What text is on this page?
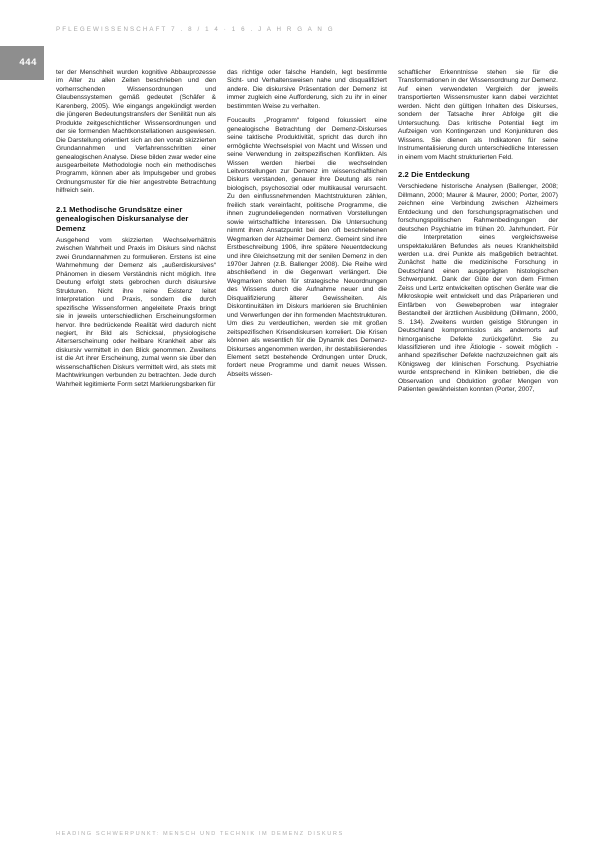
PFLEGEWISSENSCHAFT 7 . 8 / 1 4 · 1 6 . J A H R G A N G
444

ter der Menschheit wurden kognitive Abbauprozesse im Alter zu allen Zeiten beschrieben und den vorherrschenden Wissensordnungen und Glaubenssystemen gemäß gedeutet (Schäfer & Karenberg, 2005). Wie eingangs angekündigt werden die jüngeren Bedeutungstransfers der Senilität nun als Produkte zeitgeschichtlicher Wissensordnungen und der sie formenden Machtkonstellationen ausgewiesen. Die Darstellung orientiert sich an den vorab skizzierten Grundannahmen und Verfahrensschritten einer genealogischen Analyse. Diese bilden zwar weder eine ausgearbeitete Methodologie noch ein methodisches Programm, können aber als Impulsgeber und grobes Ordnungsmuster für die hier angestrebte Betrachtung hilfreich sein.

2.1 Methodische Grundsätze einer genealogischen Diskursanalyse der Demenz

Ausgehend vom skizzierten Wechselverhältnis zwischen Wahrheit und Praxis im Diskurs sind nächst zwei Grundannahmen zu formulieren. Erstens ist eine Wahrnehmung der Demenz als „außerdiskursives“ Phänomen in diesem Verständnis nicht möglich. Ihre Deutung erfolgt stets gebrochen durch diskursive Strukturen. Nicht ihre reine Existenz leitet Interpretation und Praxis, sondern die durch spezifische Wissensformen angeleitete Praxis bringt sie in jeweils unterschiedlichen Erscheinungsformen hervor. Ihre bedrückende Realität wird dadurch nicht negiert, ihr Bild als Schicksal, physiologische Alterserscheinung oder heilbare Krankheit aber als diskursiv vermittelt in den Blick genommen. Zweitens ist die Art ihrer Erscheinung, zumal wenn sie über den wissenschaftlichen Diskurs vermittelt wird, als stets mit Machtwirkungen verbunden zu betrachten. Jede durch Wahrheit legitimierte Form setzt Markierungsbarken für

das richtige oder falsche Handeln, legt bestimmte Sicht- und Verhaltensweisen nahe und disqualifiziert andere. Die diskursive Präsentation der Demenz ist immer zugleich eine Aufforderung, sich zu ihr in einer bestimmten Weise zu verhalten.

Foucaults „Programm“ folgend fokussiert eine genealogische Betrachtung der Demenz-Diskurses seine taktische Produktivität, spricht das durch ihn ermöglichte Wechselspiel von Macht und Wissen und seine Verwendung in zeitspezifischen Konflikten. Als Wissen werden hierbei die wechselnden Leitvorstellungen zur Demenz im wissenschaftlichen Diskurs verstanden, genauer ihre Deutung als rein biologisch, psychosozial oder multikausal verursacht. Zu den einflussnehmenden Machtstrukturen zählen, freilich stark vereinfacht, politische Programme, die ihnen zugrundeliegenden normativen Vorstellungen sowie wirtschaftliche Interessen. Die Untersuchung nimmt ihren Ansatzpunkt bei den oft beschriebenen Wegmarken der Alzheimer Demenz. Gemeint sind ihre Erstbeschreibung 1906, ihre spätere Neuentdeckung und ihre Gleichsetzung mit der senilen Demenz in den 1970er Jahren (z.B. Ballenger 2008). Die Reihe wird abschließend in die Gegenwart verlängert. Die Wegmarken stehen für strategische Neuordnungen des Wissens durch die Aufnahme neuer und die Disqualifizierung älterer Gewissheiten. Als Diskontinuitäten im Diskurs markieren sie Bruchlinien und Verwerfungen der ihn formenden Machtstrukturen. Um dies zu verdeutlichen, werden sie mit großen zeitspezifischen Krisendiskursen korreliert. Die Krisen können als wesentlich für die Dynamik des Demenz-Diskurses angenommen werden, ihr destabilisierendes Element setzt bestehende Ordnungen unter Druck, fordert neue Programme und damit neues Wissen. Abseits wissen-

schaftlicher Erkenntnisse stehen sie für die Transformationen in der Wissensordnung zur Demenz. Auf einen verwendeten Vergleich der jeweils transportierten Wissensmuster kann dabei verzichtet werden. Nicht den gültigen Inhalten des Diskurses, sondern der Tatsache ihrer Abfolge gilt die Untersuchung. Das kritische Potential liegt im Aufzeigen von Kontingenzen und Konjunkturen des Wissens. Sie dienen als Indikatoren für seine Instrumentalisierung durch unterschiedliche Interessen in einem vom Macht strukturierten Feld.

2.2 Die Entdeckung

Verschiedene historische Analysen (Ballenger, 2008; Dillmann, 2000; Maurer & Maurer, 2000; Porter, 2007) zeichnen eine Verbindung zwischen Alzheimers Entdeckung und den forschungspragmatischen und forschungspolitischen Rahmenbedingungen der deutschen Psychiatrie im frühen 20. Jahrhundert. Für die Interpretation eines vergleichsweise unspektakulären Befundes als neues Krankheitsbild werden u.a. drei Punkte als maßgeblich betrachtet. Zunächst hatte die medizinische Forschung in Deutschland einen ausgeprägten histologischen Schwerpunkt. Dank der Güte der von dem Firmen Zeiss und Lertz entwickelten optischen Geräte war die Mikroskopie weit entwickelt und das Präparieren und Einfärben von Gewebeproben war integraler Bestandteil der ärztlichen Ausbildung (Dillmann, 2000, S. 134). Zweitens wurden geistige Störungen in Deutschland kompromisslos als andernorts auf hirnorganische Defekte zurückgeführt. Sie zu klassifizieren und ihre Ätiologie - soweit möglich - anhand spezifischer Defekte nachzuzeichnen galt als Königsweg der klinischen Forschung. Psychiatrie wurde entsprechend in Kliniken betrieben, die die Observation und Obduktion großer Mengen von Patienten gewährleisten konnten (Porter, 2007,

HEADING SCHWERPUNKT: MENSCH UND TECHNIK IM DEMENZ DISKURS
